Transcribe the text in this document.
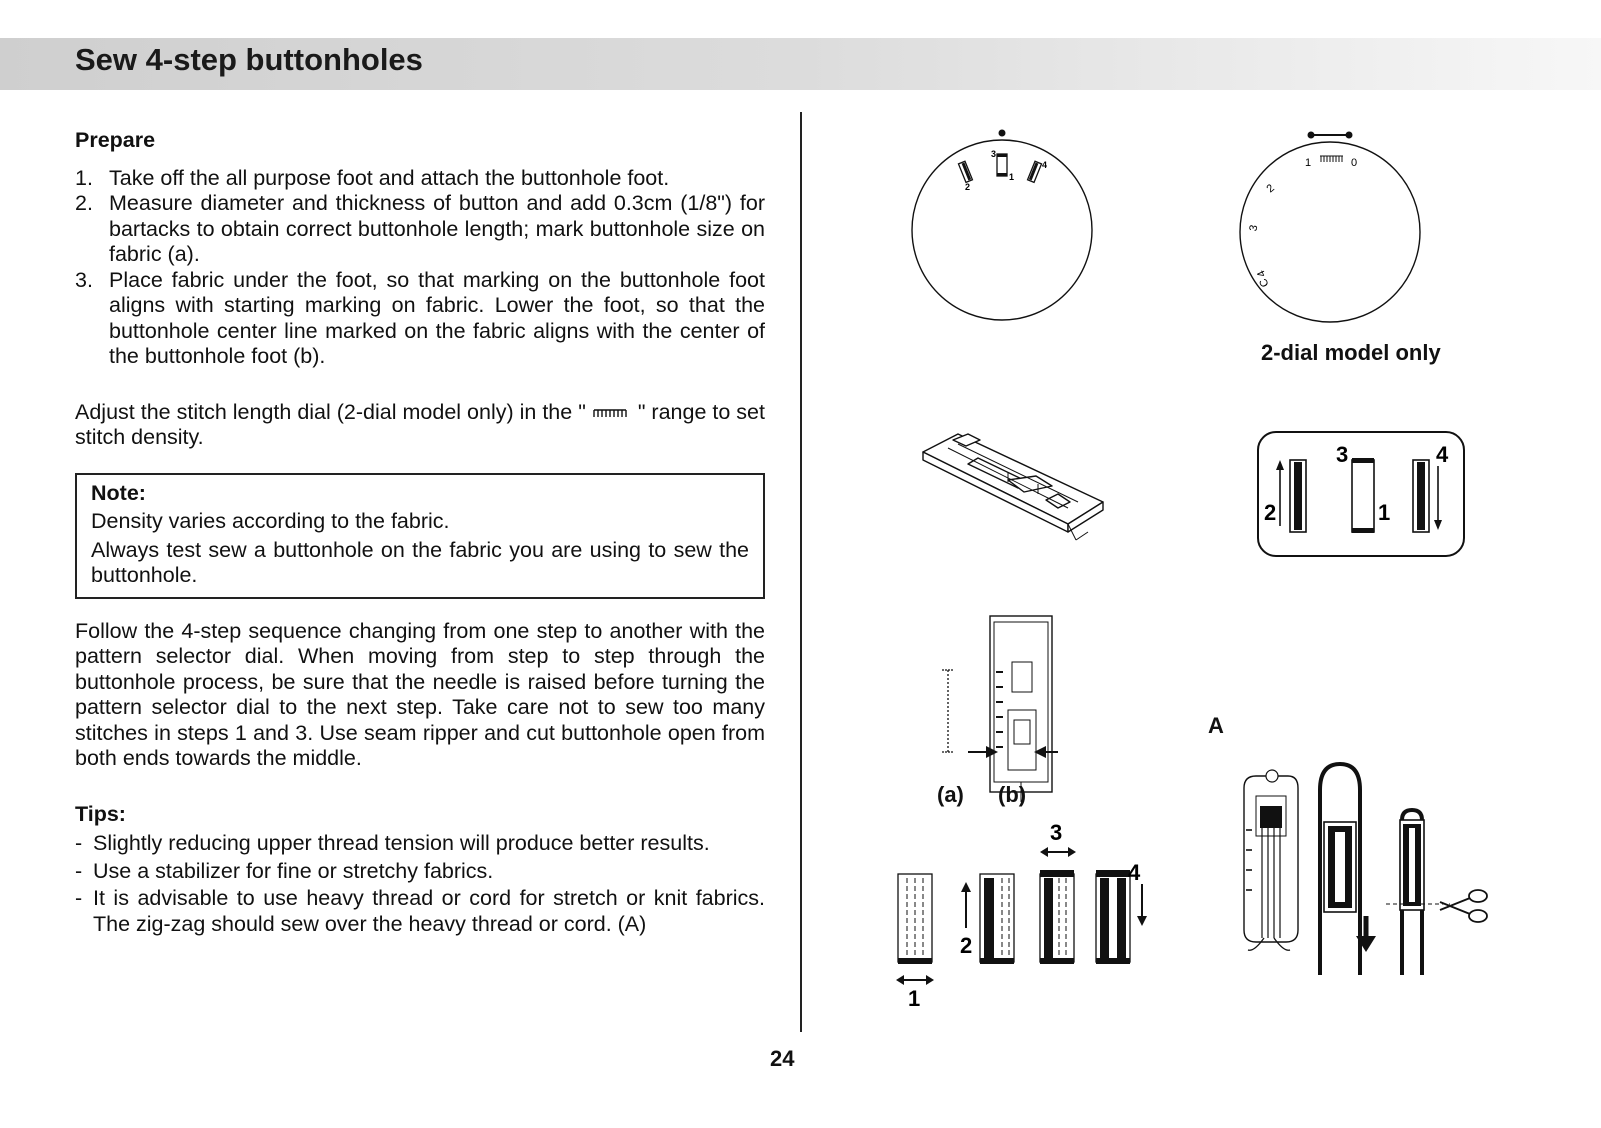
Sew 4-step buttonholes

Prepare

1. Take off the all purpose foot and attach the buttonhole foot.
2. Measure diameter and thickness of button and add 0.3cm (1/8") for bartacks to obtain correct buttonhole length; mark buttonhole size on fabric (a).
3. Place fabric under the foot, so that marking on the buttonhole foot aligns with starting marking on fabric. Lower the foot, so that the buttonhole center line marked on the fabric aligns with the center of the buttonhole foot (b).

Adjust the stitch length dial (2-dial model only) in the " " range to set stitch density.

Note:

Density varies according to the fabric.

Always test sew a buttonhole on the fabric you are using to sew the buttonhole.

Follow the 4-step sequence changing from one step to another with the pattern selector dial. When moving from step to step through the buttonhole process, be sure that the needle is raised before turning the pattern selector dial to the next step. Take care not to sew too many stitches in steps 1 and 3. Use seam ripper and cut buttonhole open from both ends towards the middle.

Tips:

- Slightly reducing upper thread tension will produce better results.
- Use a stabilizer for fine or stretchy fabrics.
- It is advisable to use heavy thread or cord for stretch or knit fabrics. The zig-zag should sew over the heavy thread or cord. (A)
3
2
1
4	1	0
2
3
4
C
2-dial model only
3	4
2	1
(a) (b)
1
2
3
4
A
24
